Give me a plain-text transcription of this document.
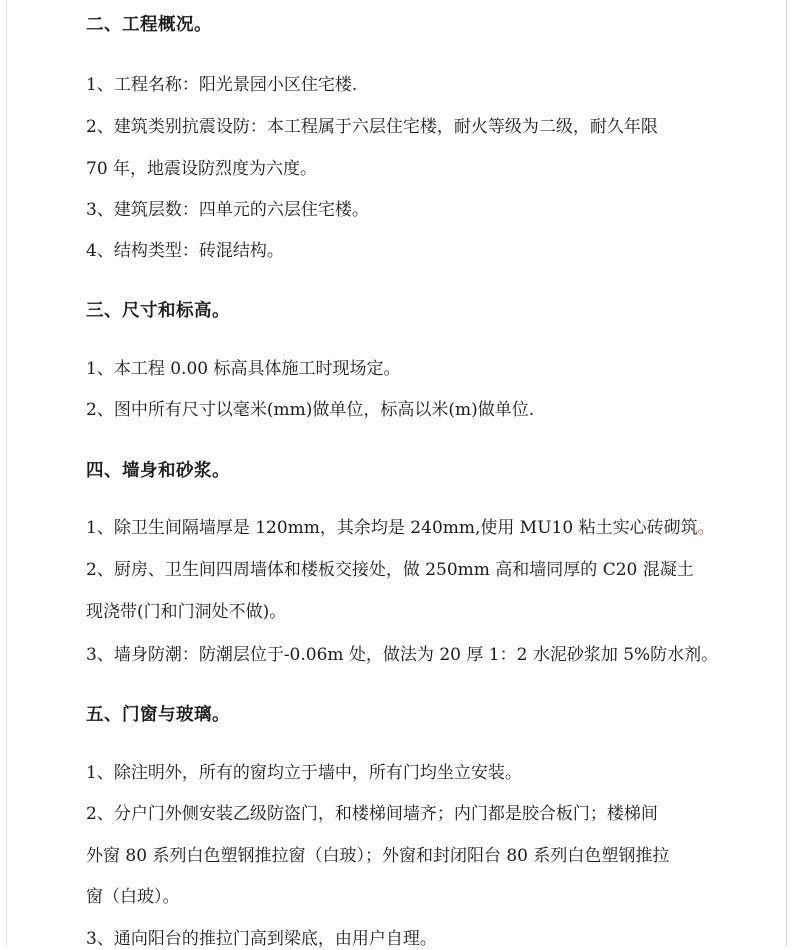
二、工程概况。
1、工程名称：阳光景园小区住宅楼.
2、建筑类别抗震设防：本工程属于六层住宅楼，耐火等级为二级，耐久年限
70 年，地震设防烈度为六度。
3、建筑层数：四单元的六层住宅楼。
4、结构类型：砖混结构。
三、尺寸和标高。
1、本工程 0.00 标高具体施工时现场定。
2、图中所有尺寸以毫米(mm)做单位，标高以米(m)做单位.
四、墙身和砂浆。
1、除卫生间隔墙厚是 120mm，其余均是 240mm,使用 MU10 粘土实心砖砌筑。
2、厨房、卫生间四周墙体和楼板交接处，做 250mm 高和墙同厚的 C20 混凝土
现浇带(门和门洞处不做)。
3、墙身防潮：防潮层位于-0.06m 处，做法为 20 厚 1：2 水泥砂浆加 5%防水剂。
五、门窗与玻璃。
1、除注明外，所有的窗均立于墙中，所有门均坐立安装。
2、分户门外侧安装乙级防盗门，和楼梯间墙齐；内门都是胶合板门；楼梯间
外窗 80 系列白色塑钢推拉窗（白玻）；外窗和封闭阳台 80 系列白色塑钢推拉
窗（白玻）。
3、通向阳台的推拉门高到梁底，由用户自理。
